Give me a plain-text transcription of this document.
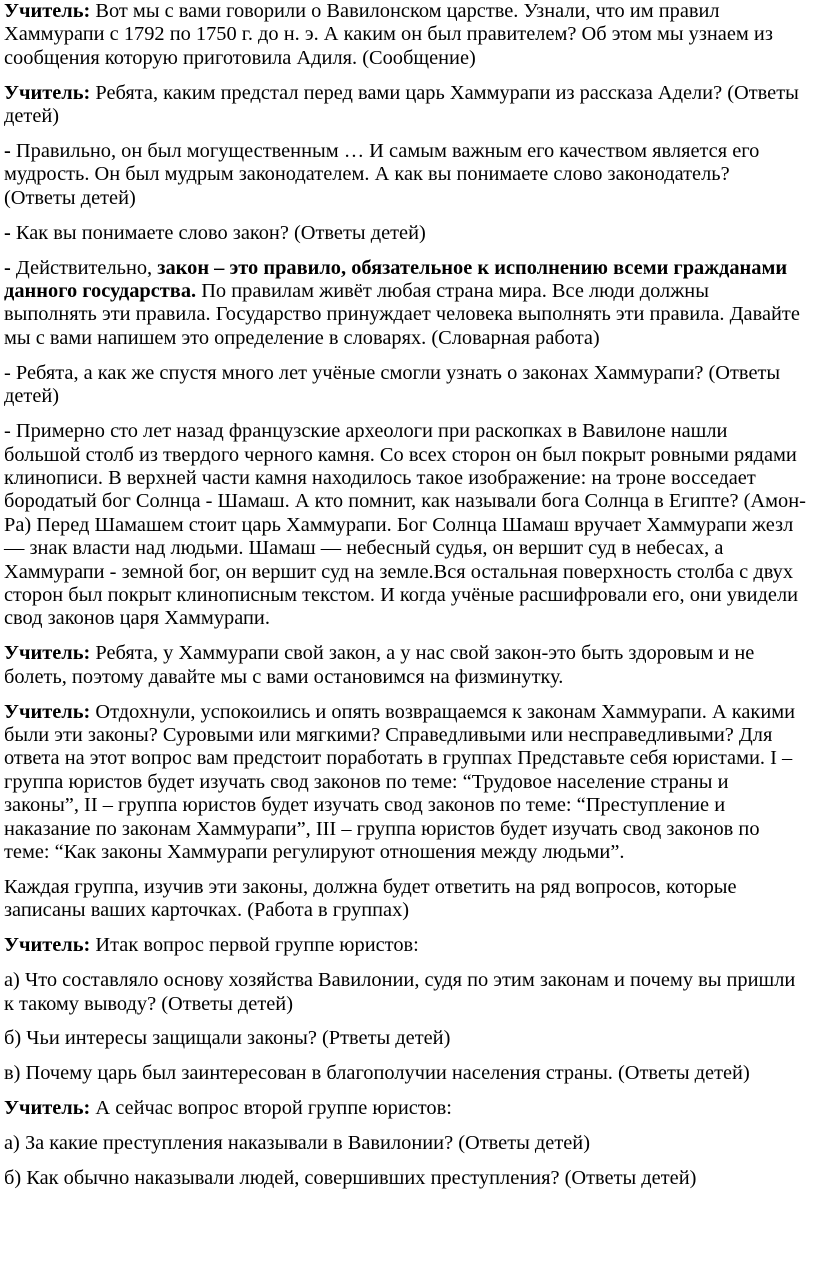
Учитель: Вот мы с вами говорили о Вавилонском царстве. Узнали, что им правил Хаммурапи с 1792 по 1750 г. до н. э. А каким он был правителем? Об этом мы узнаем из сообщения которую приготовила Адиля. (Сообщение)

Учитель: Ребята, каким предстал перед вами царь Хаммурапи из рассказа Адели? (Ответы детей)

- Правильно, он был могущественным … И самым важным его качеством является его мудрость. Он был мудрым законодателем. А как вы понимаете слово законодатель? (Ответы детей)

- Как вы понимаете слово закон? (Ответы детей)

- Действительно, закон – это правило, обязательное к исполнению всеми гражданами данного государства. По правилам живёт любая страна мира. Все люди должны выполнять эти правила. Государство принуждает человека выполнять эти правила. Давайте мы с вами напишем это определение в словарях. (Словарная работа)

- Ребята, а как же спустя много лет учёные смогли узнать о законах Хаммурапи? (Ответы детей)

- Примерно сто лет назад французские археологи при раскопках в Вавилоне нашли большой столб из твердого черного камня. Со всех сторон он был покрыт ровными рядами клинописи. В верхней части камня находилось такое изображение: на троне восседает бородатый бог Солнца - Шамаш. А кто помнит, как называли бога Солнца в Египте? (Амон-Ра) Перед Шамашем стоит царь Хаммурапи. Бог Солнца Шамаш вручает Хаммурапи жезл — знак власти над людьми. Шамаш — небесный судья, он вершит суд в небесах, а Хаммурапи - земной бог, он вершит суд на земле.Вся остальная поверхность столба с двух сторон был покрыт клинописным текстом. И когда учёные расшифровали его, они увидели свод законов царя Хаммурапи.

Учитель: Ребята, у Хаммурапи свой закон, а у нас свой закон-это быть здоровым и не болеть, поэтому давайте мы с вами остановимся на физминутку.

Учитель: Отдохнули, успокоились и опять возвращаемся к законам Хаммурапи. А какими были эти законы? Суровыми или мягкими? Справедливыми или несправедливыми? Для ответа на этот вопрос вам предстоит поработать в группах Представьте себя юристами. I – группа юристов будет изучать свод законов по теме: “Трудовое население страны и законы”, II – группа юристов будет изучать свод законов по теме: “Преступление и наказание по законам Хаммурапи”, III – группа юристов будет изучать свод законов по теме: “Как законы Хаммурапи регулируют отношения между людьми”.

Каждая группа, изучив эти законы, должна будет ответить на ряд вопросов, которые записаны ваших карточках. (Работа в группах)

Учитель: Итак вопрос первой группе юристов:

а) Что составляло основу хозяйства Вавилонии, судя по этим законам и почему вы пришли к такому выводу? (Ответы детей)

б) Чьи интересы защищали законы? (Ртветы детей)

в) Почему царь был заинтересован в благополучии населения страны. (Ответы детей)

Учитель: А сейчас вопрос второй группе юристов:

а) За какие преступления наказывали в Вавилонии? (Ответы детей)

б) Как обычно наказывали людей, совершивших преступления? (Ответы детей)
